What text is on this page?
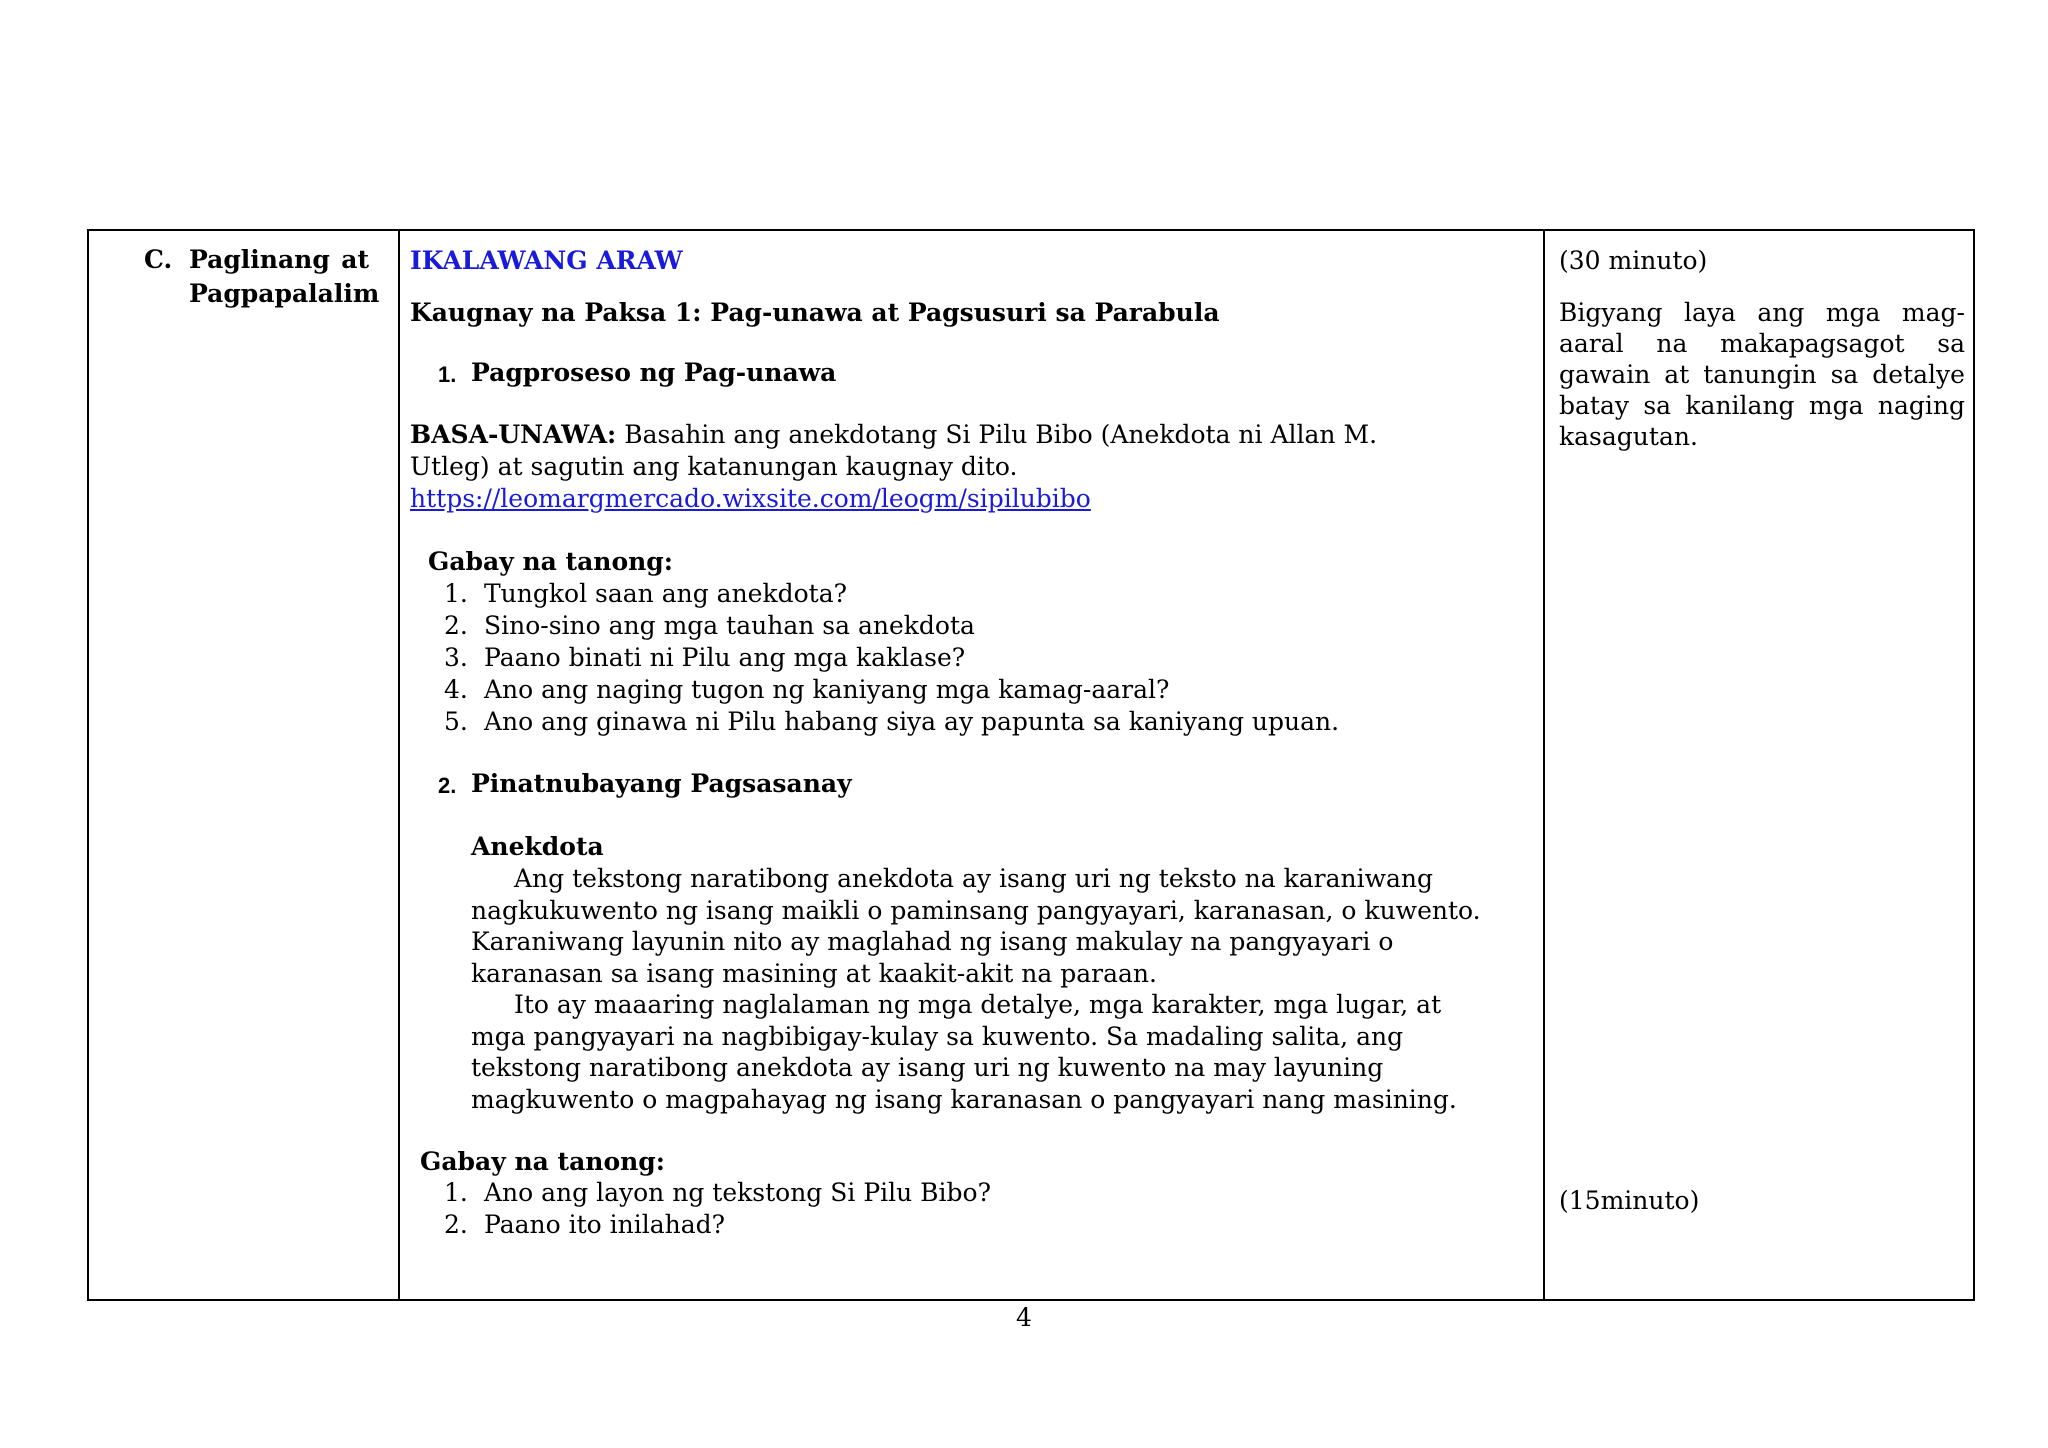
C. Paglinang at
Pagpapalalim
IKALAWANG ARAW
Kaugnay na Paksa 1: Pag-unawa at Pagsusuri sa Parabula
1. Pagproseso ng Pag-unawa
BASA-UNAWA: Basahin ang anekdotang Si Pilu Bibo (Anekdota ni Allan M.
Utleg) at sagutin ang katanungan kaugnay dito.
https://leomargmercado.wixsite.com/leogm/sipilubibo
Gabay na tanong:
1. Tungkol saan ang anekdota?
2. Sino-sino ang mga tauhan sa anekdota
3. Paano binati ni Pilu ang mga kaklase?
4. Ano ang naging tugon ng kaniyang mga kamag-aaral?
5. Ano ang ginawa ni Pilu habang siya ay papunta sa kaniyang upuan.
2. Pinatnubayang Pagsasanay
Anekdota
Ang tekstong naratibong anekdota ay isang uri ng teksto na karaniwang
nagkukuwento ng isang maikli o paminsang pangyayari, karanasan, o kuwento.
Karaniwang layunin nito ay maglahad ng isang makulay na pangyayari o
karanasan sa isang masining at kaakit-akit na paraan.
Ito ay maaaring naglalaman ng mga detalye, mga karakter, mga lugar, at
mga pangyayari na nagbibigay-kulay sa kuwento. Sa madaling salita, ang
tekstong naratibong anekdota ay isang uri ng kuwento na may layuning
magkuwento o magpahayag ng isang karanasan o pangyayari nang masining.
Gabay na tanong:
1. Ano ang layon ng tekstong Si Pilu Bibo?
2. Paano ito inilahad?
(30 minuto)
Bigyang laya ang mga mag-
aaral na makapagsagot sa
gawain at tanungin sa detalye
batay sa kanilang mga naging
kasagutan.
(15minuto)
4
